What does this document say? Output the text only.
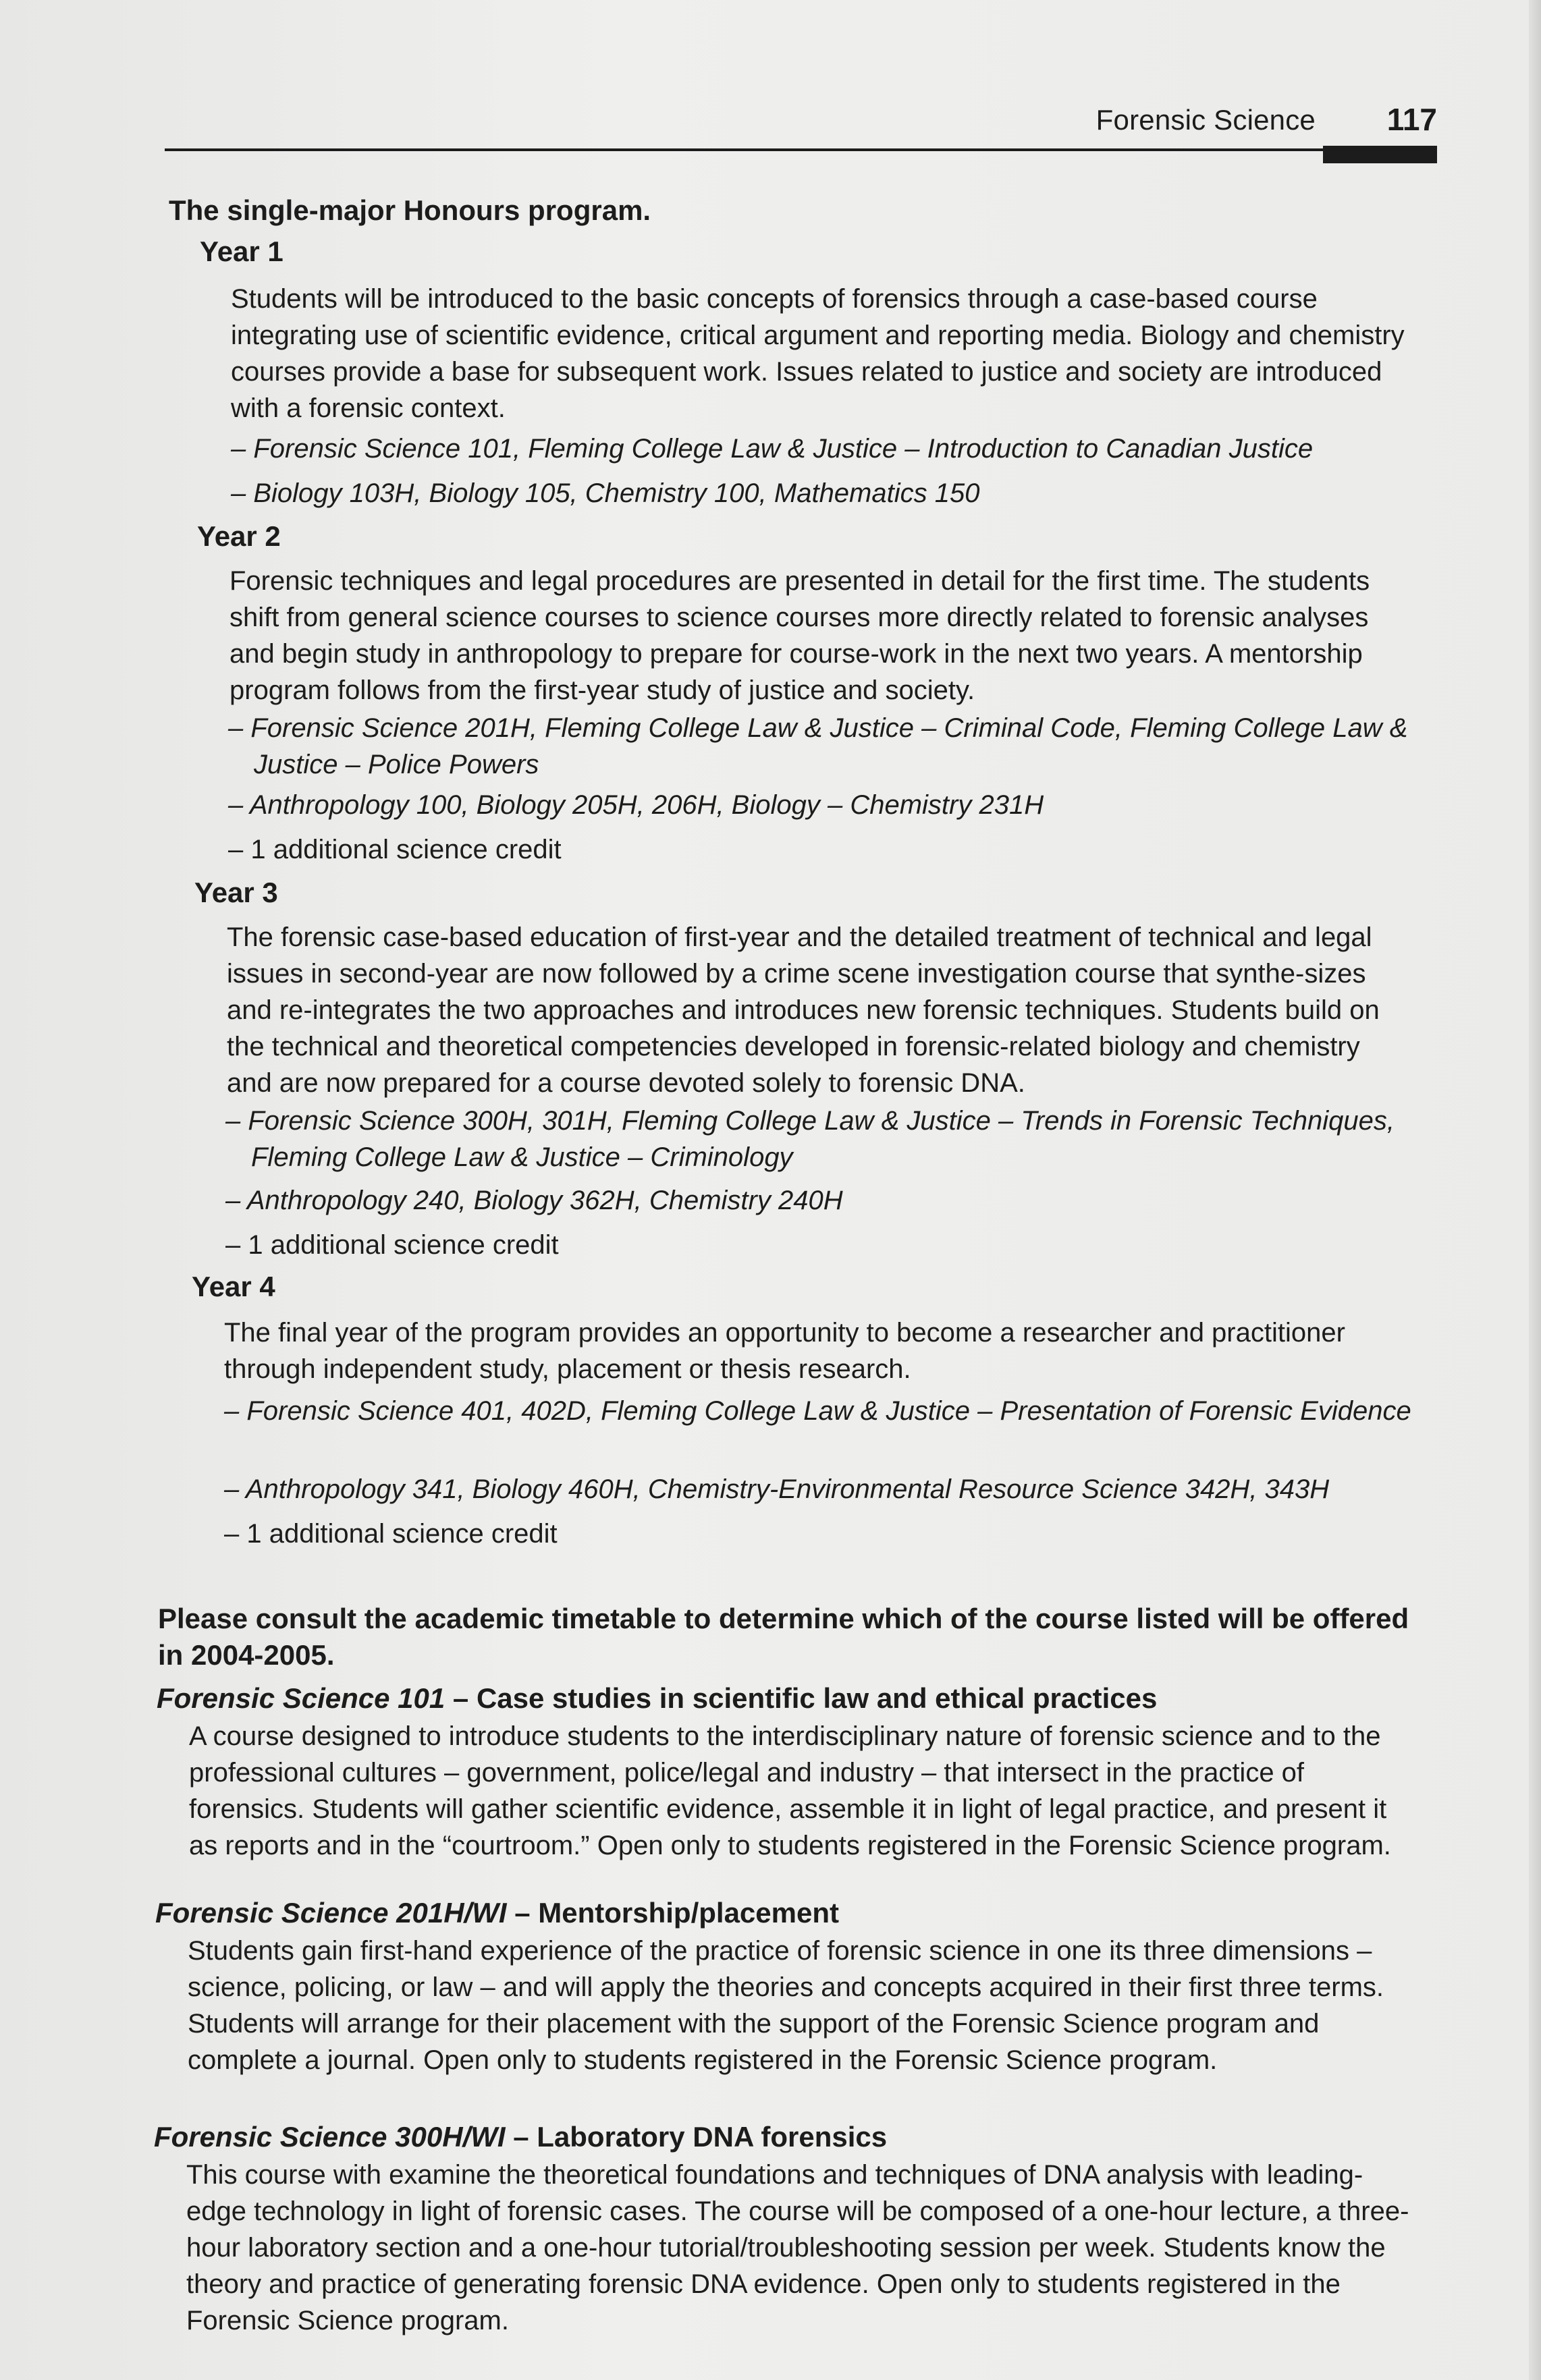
Forensic Science 117
The single-major Honours program.
Year 1
Students will be introduced to the basic concepts of forensics through a case-based course integrating use of scientific evidence, critical argument and reporting media. Biology and chemistry courses provide a base for subsequent work. Issues related to justice and society are introduced with a forensic context.
– Forensic Science 101, Fleming College Law & Justice – Introduction to Canadian Justice
– Biology 103H, Biology 105, Chemistry 100, Mathematics 150
Year 2
Forensic techniques and legal procedures are presented in detail for the first time. The students shift from general science courses to science courses more directly related to forensic analyses and begin study in anthropology to prepare for course-work in the next two years. A mentorship program follows from the first-year study of justice and society.
– Forensic Science 201H, Fleming College Law & Justice – Criminal Code, Fleming College Law & Justice – Police Powers
– Anthropology 100, Biology 205H, 206H, Biology – Chemistry 231H
– 1 additional science credit
Year 3
The forensic case-based education of first-year and the detailed treatment of technical and legal issues in second-year are now followed by a crime scene investigation course that synthe-sizes and re-integrates the two approaches and introduces new forensic techniques. Students build on the technical and theoretical competencies developed in forensic-related biology and chemistry and are now prepared for a course devoted solely to forensic DNA.
– Forensic Science 300H, 301H, Fleming College Law & Justice – Trends in Forensic Techniques, Fleming College Law & Justice – Criminology
– Anthropology 240, Biology 362H, Chemistry 240H
– 1 additional science credit
Year 4
The final year of the program provides an opportunity to become a researcher and practitioner through independent study, placement or thesis research.
– Forensic Science 401, 402D, Fleming College Law & Justice – Presentation of Forensic Evidence
– Anthropology 341, Biology 460H, Chemistry-Environmental Resource Science 342H, 343H
– 1 additional science credit
Please consult the academic timetable to determine which of the course listed will be offered in 2004-2005.
Forensic Science 101 – Case studies in scientific law and ethical practices
A course designed to introduce students to the interdisciplinary nature of forensic science and to the professional cultures – government, police/legal and industry – that intersect in the practice of forensics. Students will gather scientific evidence, assemble it in light of legal practice, and present it as reports and in the “courtroom.” Open only to students registered in the Forensic Science program.
Forensic Science 201H/WI – Mentorship/placement
Students gain first-hand experience of the practice of forensic science in one its three dimensions – science, policing, or law – and will apply the theories and concepts acquired in their first three terms. Students will arrange for their placement with the support of the Forensic Science program and complete a journal. Open only to students registered in the Forensic Science program.
Forensic Science 300H/WI – Laboratory DNA forensics
This course with examine the theoretical foundations and techniques of DNA analysis with leading-edge technology in light of forensic cases. The course will be composed of a one-hour lecture, a three-hour laboratory section and a one-hour tutorial/troubleshooting session per week. Students know the theory and practice of generating forensic DNA evidence. Open only to students registered in the Forensic Science program.
